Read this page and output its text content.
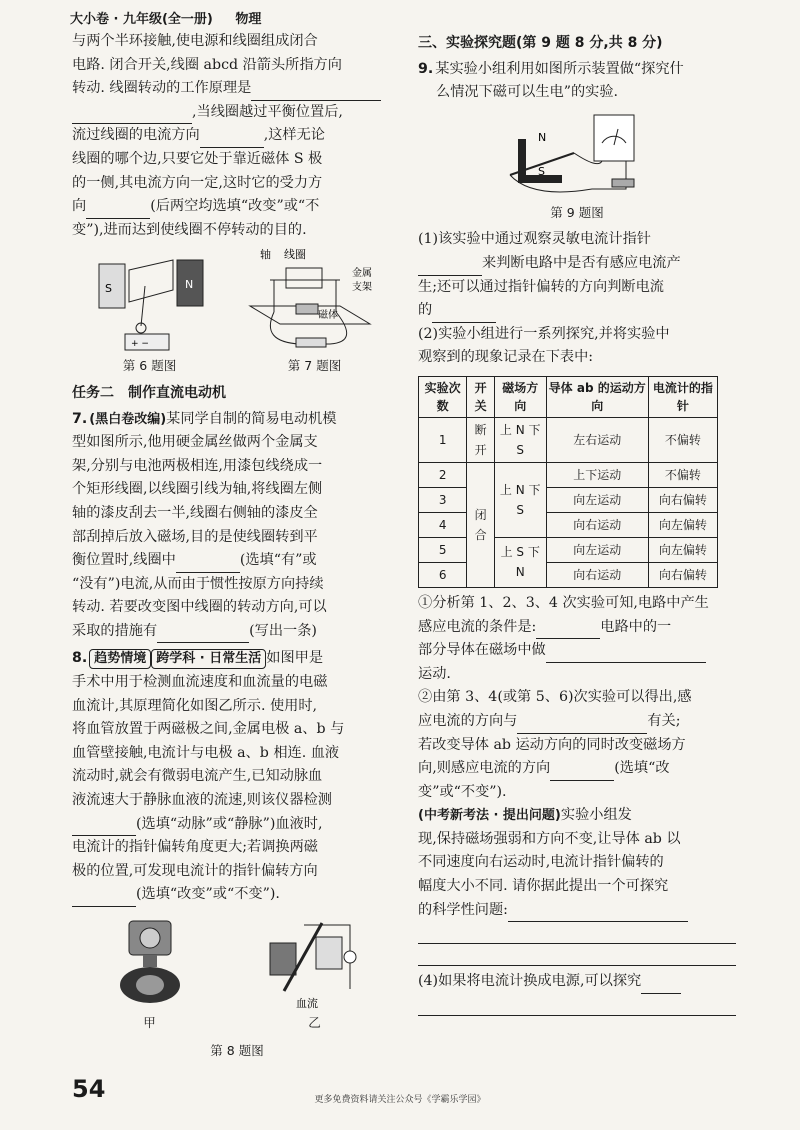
大小卷 · 九年级(全一册) 物理
与两个半环接触,使电源和线圈组成闭合
电路. 闭合开关,线圈 abcd 沿箭头所指方向
转动. 线圈转动的工作原理是
,当线圈越过平衡位置后,
流过线圈的电流方向	,这样无论
线圈的哪个边,只要它处于靠近磁体 S 极
的一侧,其电流方向一定,这时它的受力方
向	(后两空均选填“改变”或“不
变”),进而达到使线圈不停转动的目的.
S	N
+ −
第 6 题图
轴 线圈
金属
支架
磁体
第 7 题图
任务二　制作直流电动机
7. (黑白卷改编)某同学自制的简易电动机模
型如图所示,他用硬金属丝做两个金属支
架,分别与电池两极相连,用漆包线绕成一
个矩形线圈,以线圈引线为轴,将线圈左侧
轴的漆皮刮去一半,线圈右侧轴的漆皮全
部刮掉后放入磁场,目的是使线圈转到平
衡位置时,线圈中	(选填“有”或
“没有”)电流,从而由于惯性按原方向持续
转动. 若要改变图中线圈的转动方向,可以
采取的措施有	(写出一条)
8. 趋势情境 跨学科 · 日常生活 如图甲是
手术中用于检测血流速度和血流量的电磁
血流计,其原理简化如图乙所示. 使用时,
将血管放置于两磁极之间,金属电极 a、b 与
血管壁接触,电流计与电极 a、b 相连. 血液
流动时,就会有微弱电流产生,已知动脉血
液流速大于静脉血液的流速,则该仪器检测
(选填“动脉”或“静脉”)血液时,
电流计的指针偏转角度更大;若调换两磁
极的位置,可发现电流计的指针偏转方向
(选填“改变”或“不变”).
甲
血流
乙
第 8 题图
三、实验探究题(第 9 题 8 分,共 8 分)
9. 某实验小组利用如图所示装置做“探究什
么情况下磁可以生电”的实验.
N
S
第 9 题图
(1)该实验中通过观察灵敏电流计指针
来判断电路中是否有感应电流产
生;还可以通过指针偏转的方向判断电流
的
(2)实验小组进行一系列探究,并将实验中
观察到的现象记录在下表中:
实验次数	开关	磁场方向	导体 ab 的运动方向	电流计的指针
1	断开	上 N 下 S	左右运动	不偏转
2	闭合	上 N 下 S	上下运动	不偏转
3			向左运动	向右偏转
4			向右运动	向左偏转
5		上 S 下 N	向左运动	向左偏转
6			向右运动	向右偏转
①分析第 1、2、3、4 次实验可知,电路中产生
感应电流的条件是:	电路中的一
部分导体在磁场中做
运动.
②由第 3、4(或第 5、6)次实验可以得出,感
应电流的方向与	有关;
若改变导体 ab 运动方向的同时改变磁场方
向,则感应电流的方向	(选填“改
变”或“不变”).
(中考新考法 · 提出问题)实验小组发
现,保持磁场强弱和方向不变,让导体 ab 以
不同速度向右运动时,电流计指针偏转的
幅度大小不同. 请你据此提出一个可探究
的科学性问题:
(4)如果将电流计换成电源,可以探究
54	更多免费资料请关注公众号《学霸乐学园》
